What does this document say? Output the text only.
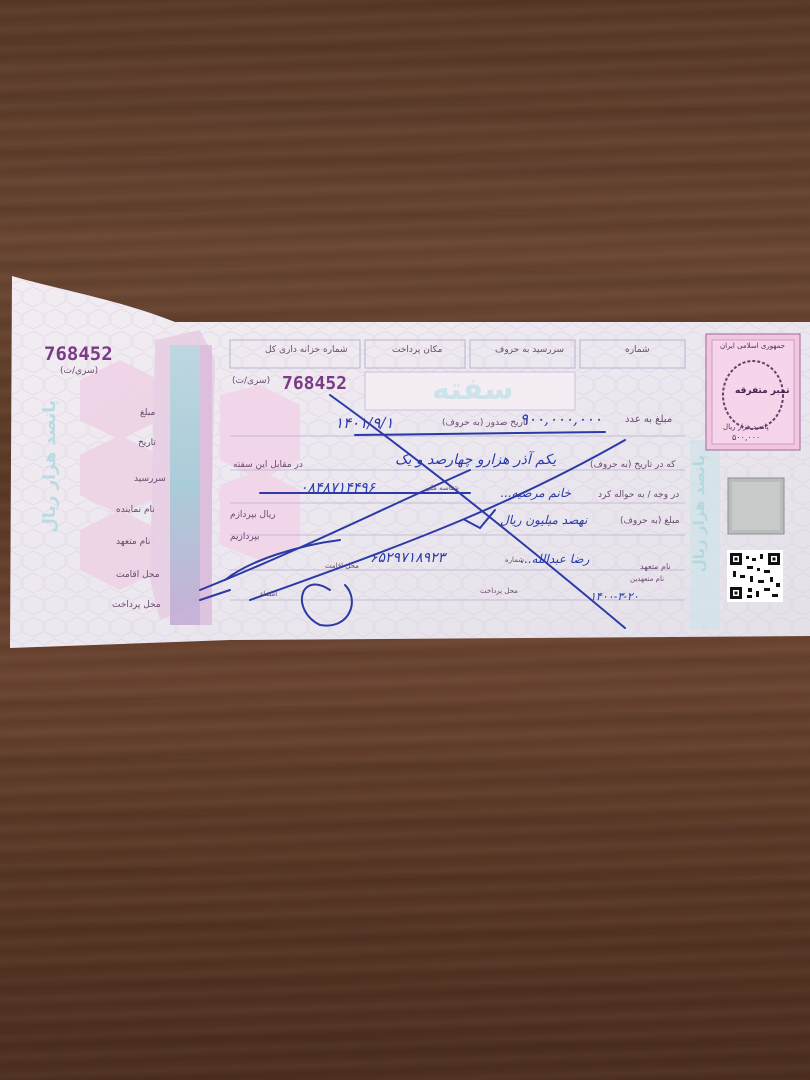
768452
(سری/ت)
768452
(سری/ت)
شماره
سررسید به حروف
مکان پرداخت
شماره خزانه داری کل
سفته
پانصد هزار ریال	پانصد هزار ریال
جمهوری اسلامی ایران
تمبر متفرقه
پانصد هزار ریال
۵۰۰,۰۰۰
مبلغ
تاریخ
سررسید
نام نماینده
نام متعهد
محل اقامت
محل پرداخت
مبلغ به عدد
تاریخ صدور (به حروف)
در مقابل این سفته	که در تاریخ (به حروف)
در وجه / به حواله کرد
شناسه ملی
مبلغ (به حروف)
ریال بپردازم
بپردازیم
نام متعهد
نام متعهدین
شماره
محل پرداخت
محل اقامت
امضاء
۹۰۰,۰۰۰,۰۰۰
۱۴۰۱/۹/۱
یکم آذر هزارو چهارصد و یک
خانم مرضیه...
۰۸۴۸۷۱۴۴۹۶
نهصد میلیون ریال
رضا عبدالله...
۶۵۲۹۷۱۸۹۲۳
۱۴۰۰-۳-۲۰
